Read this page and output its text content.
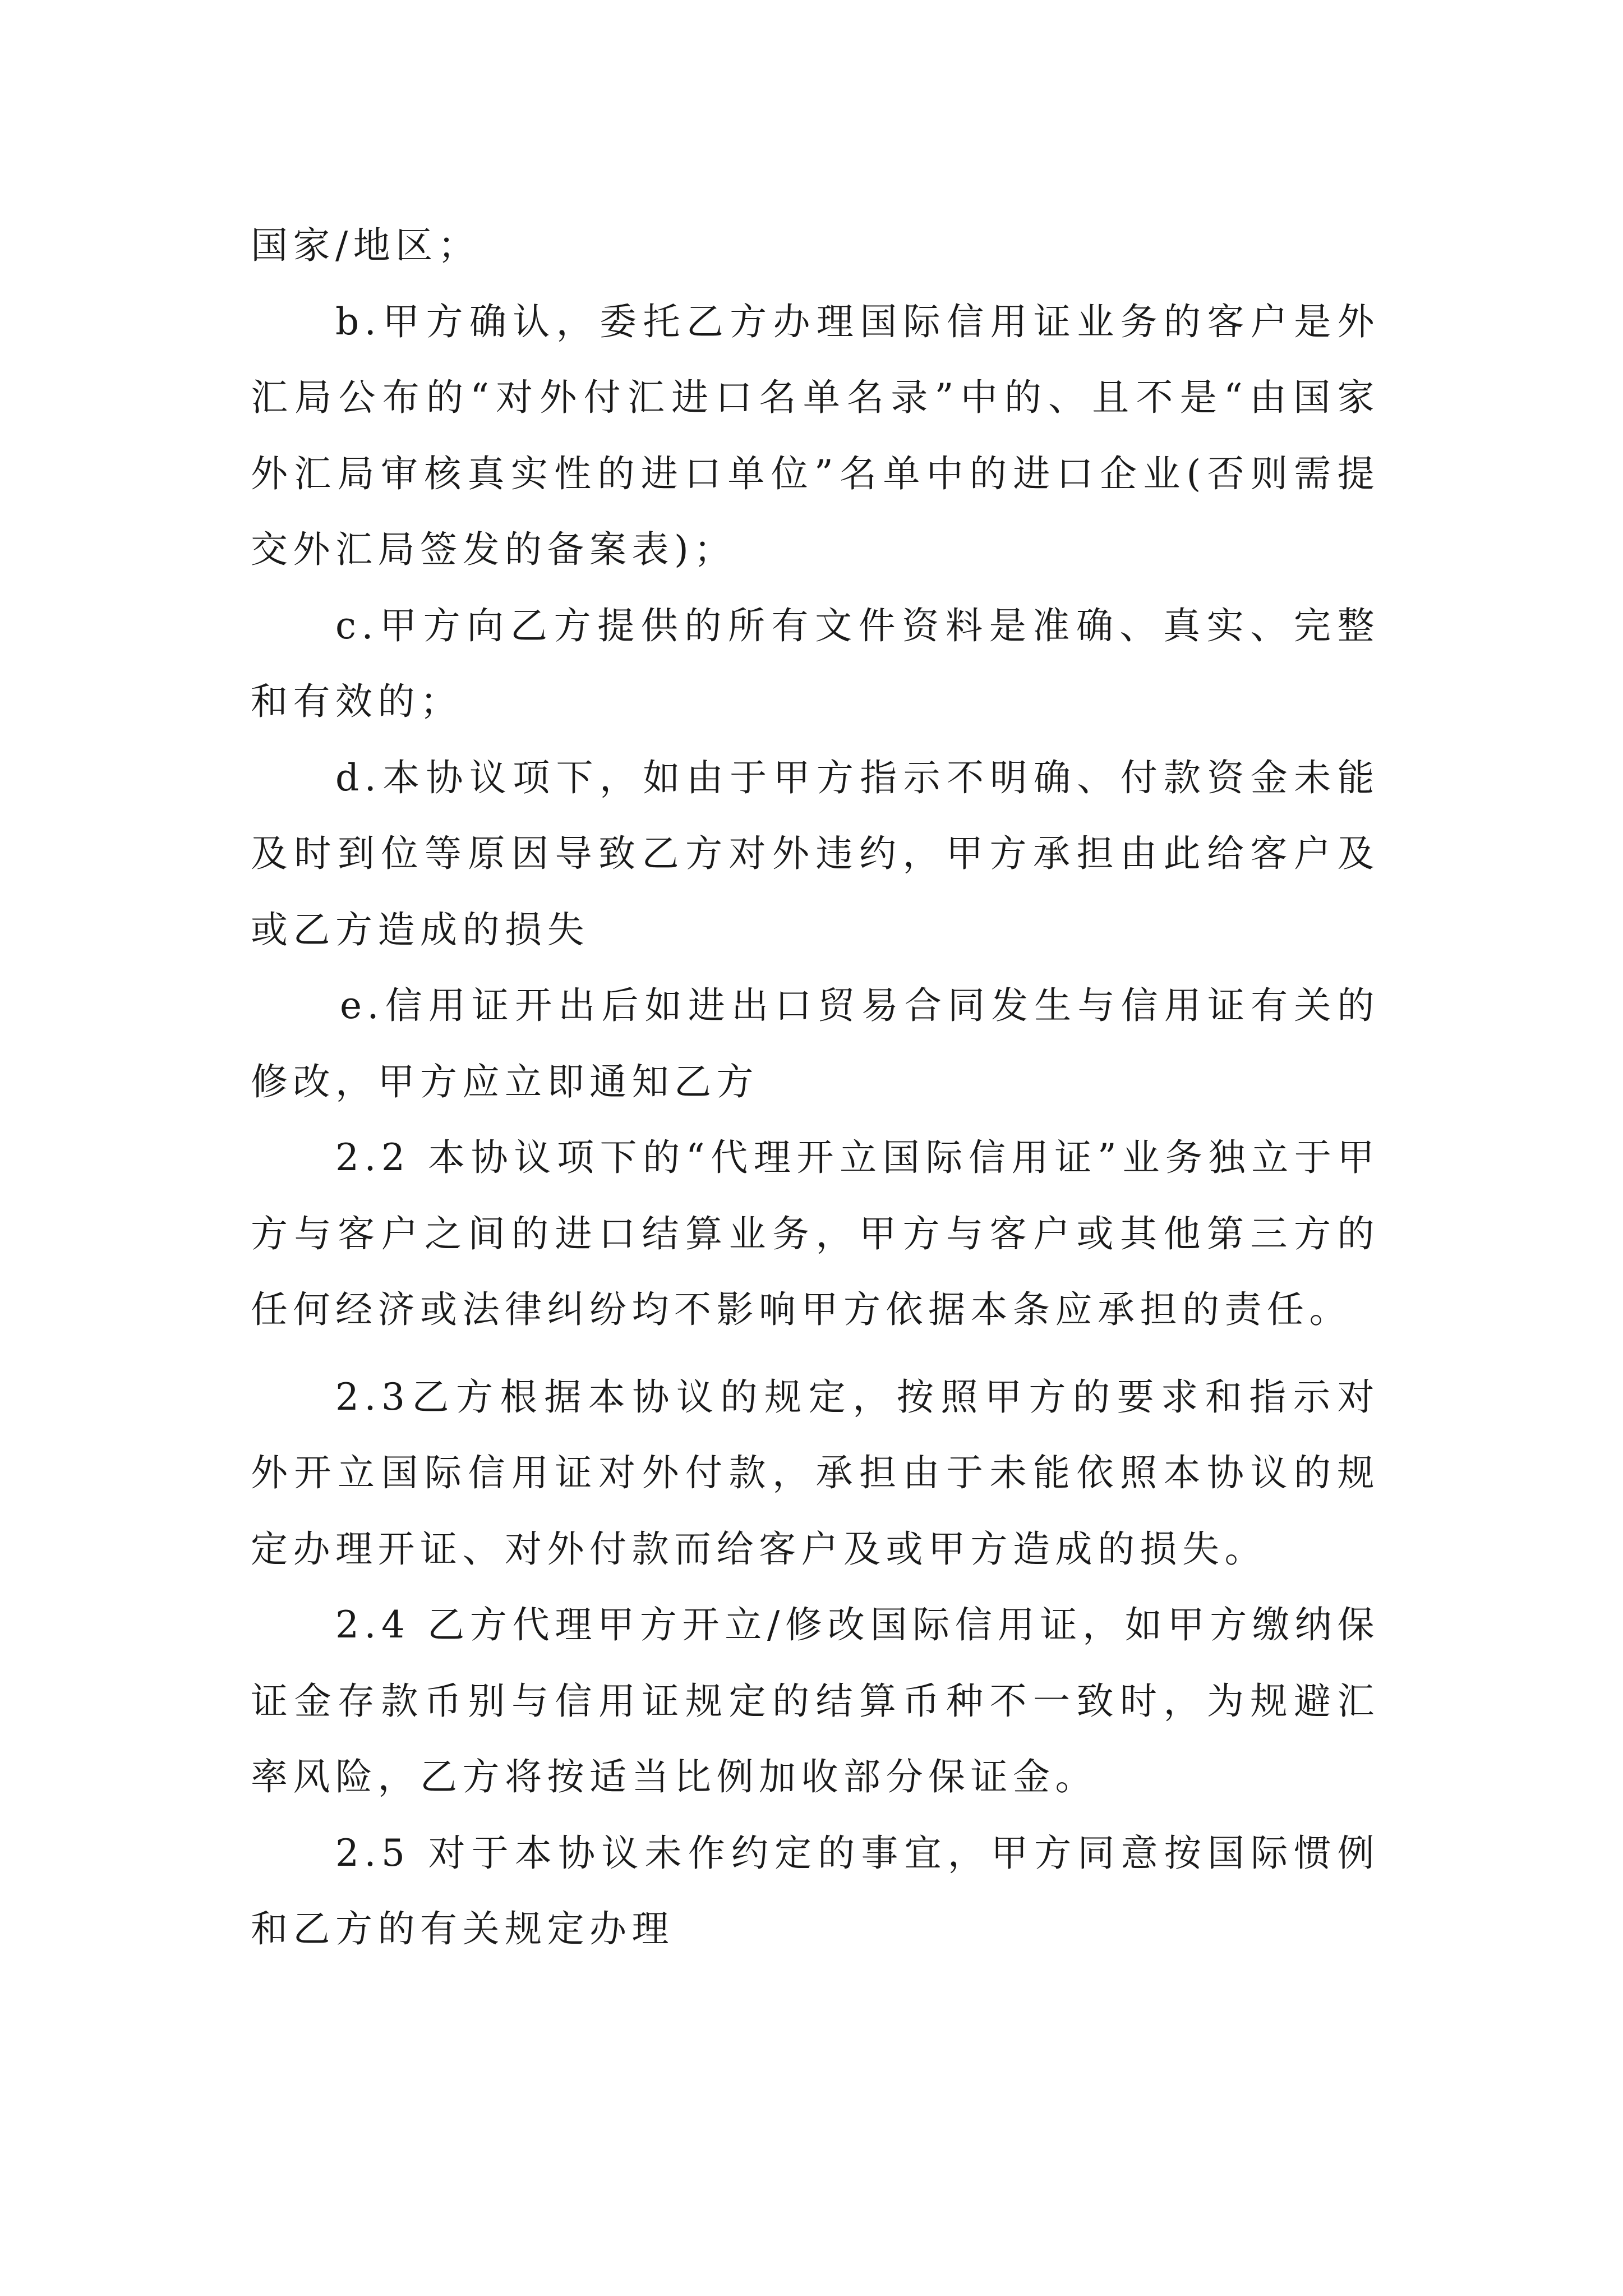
国家/地区；

b.甲方确认，委托乙方办理国际信用证业务的客户是外汇局公布的“对外付汇进口名单名录”中的、且不是“由国家外汇局审核真实性的进口单位”名单中的进口企业(否则需提交外汇局签发的备案表)；

c.甲方向乙方提供的所有文件资料是准确、真实、完整和有效的；

d.本协议项下，如由于甲方指示不明确、付款资金未能及时到位等原因导致乙方对外违约，甲方承担由此给客户及或乙方造成的损失

e.信用证开出后如进出口贸易合同发生与信用证有关的修改，甲方应立即通知乙方

2.2 本协议项下的“代理开立国际信用证”业务独立于甲方与客户之间的进口结算业务，甲方与客户或其他第三方的任何经济或法律纠纷均不影响甲方依据本条应承担的责任。

2.3乙方根据本协议的规定，按照甲方的要求和指示对外开立国际信用证对外付款，承担由于未能依照本协议的规定办理开证、对外付款而给客户及或甲方造成的损失。

2.4 乙方代理甲方开立/修改国际信用证，如甲方缴纳保证金存款币别与信用证规定的结算币种不一致时，为规避汇率风险，乙方将按适当比例加收部分保证金。

2.5 对于本协议未作约定的事宜，甲方同意按国际惯例和乙方的有关规定办理
